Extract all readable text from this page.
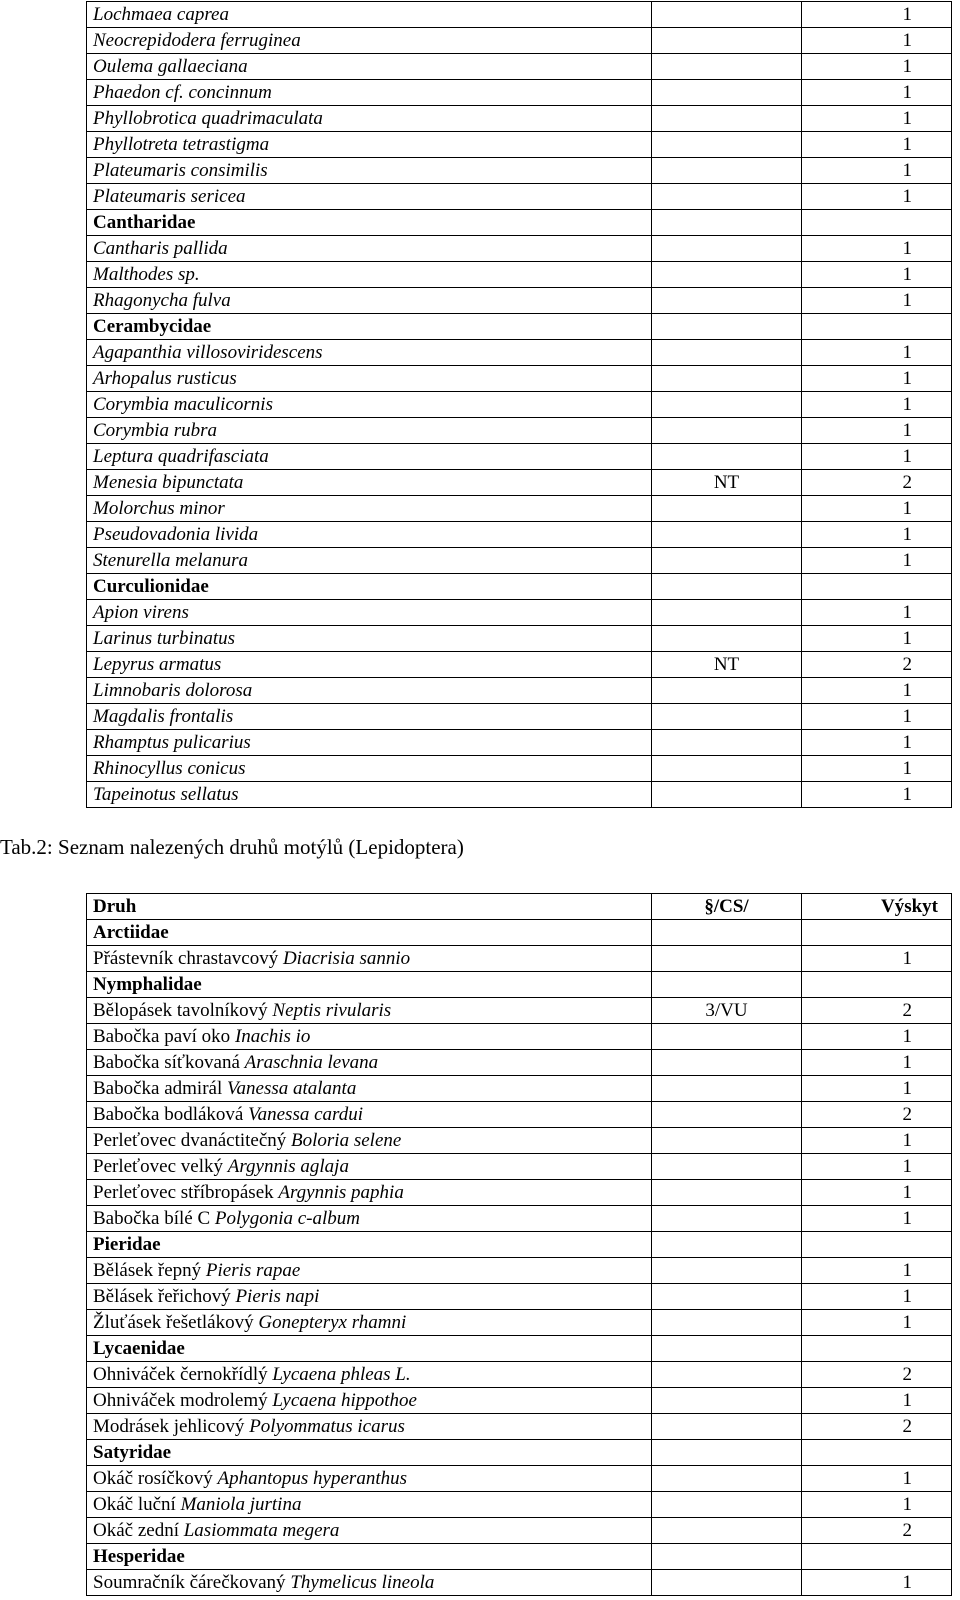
Lochmaea caprea		1
Neocrepidodera ferruginea		1
Oulema gallaeciana		1
Phaedon cf. concinnum		1
Phyllobrotica quadrimaculata		1
Phyllotreta tetrastigma		1
Plateumaris consimilis		1
Plateumaris sericea		1
Cantharidae		
Cantharis pallida		1
Malthodes sp.		1
Rhagonycha fulva		1
Cerambycidae		
Agapanthia villosoviridescens		1
Arhopalus rusticus		1
Corymbia maculicornis		1
Corymbia rubra		1
Leptura quadrifasciata		1
Menesia bipunctata	NT	2
Molorchus minor		1
Pseudovadonia livida		1
Stenurella melanura		1
Curculionidae		
Apion virens		1
Larinus turbinatus		1
Lepyrus armatus	NT	2
Limnobaris dolorosa		1
Magdalis frontalis		1
Rhamptus pulicarius		1
Rhinocyllus conicus		1
Tapeinotus sellatus		1

Tab.2: Seznam nalezených druhů motýlů (Lepidoptera)

Druh	§/CS/	Výskyt
Arctiidae		
Přástevník chrastavcový Diacrisia sannio		1
Nymphalidae		
Bělopásek tavolníkový Neptis rivularis	3/VU	2
Babočka paví oko Inachis io		1
Babočka síťkovaná Araschnia levana		1
Babočka admirál Vanessa atalanta		1
Babočka bodláková Vanessa cardui		2
Perleťovec dvanáctitečný Boloria selene		1
Perleťovec velký Argynnis aglaja		1
Perleťovec stříbropásek Argynnis paphia		1
Babočka bílé C Polygonia c-album		1
Pieridae		
Bělásek řepný Pieris rapae		1
Bělásek řeřichový Pieris napi		1
Žluťásek řešetlákový Gonepteryx rhamni		1
Lycaenidae		
Ohniváček černokřídlý Lycaena phleas L.		2
Ohniváček modrolemý Lycaena hippothoe		1
Modrásek jehlicový Polyommatus icarus		2
Satyridae		
Okáč rosíčkový Aphantopus hyperanthus		1
Okáč luční Maniola jurtina		1
Okáč zední Lasiommata megera		2
Hesperidae		
Soumračník čárečkovaný Thymelicus lineola		1
